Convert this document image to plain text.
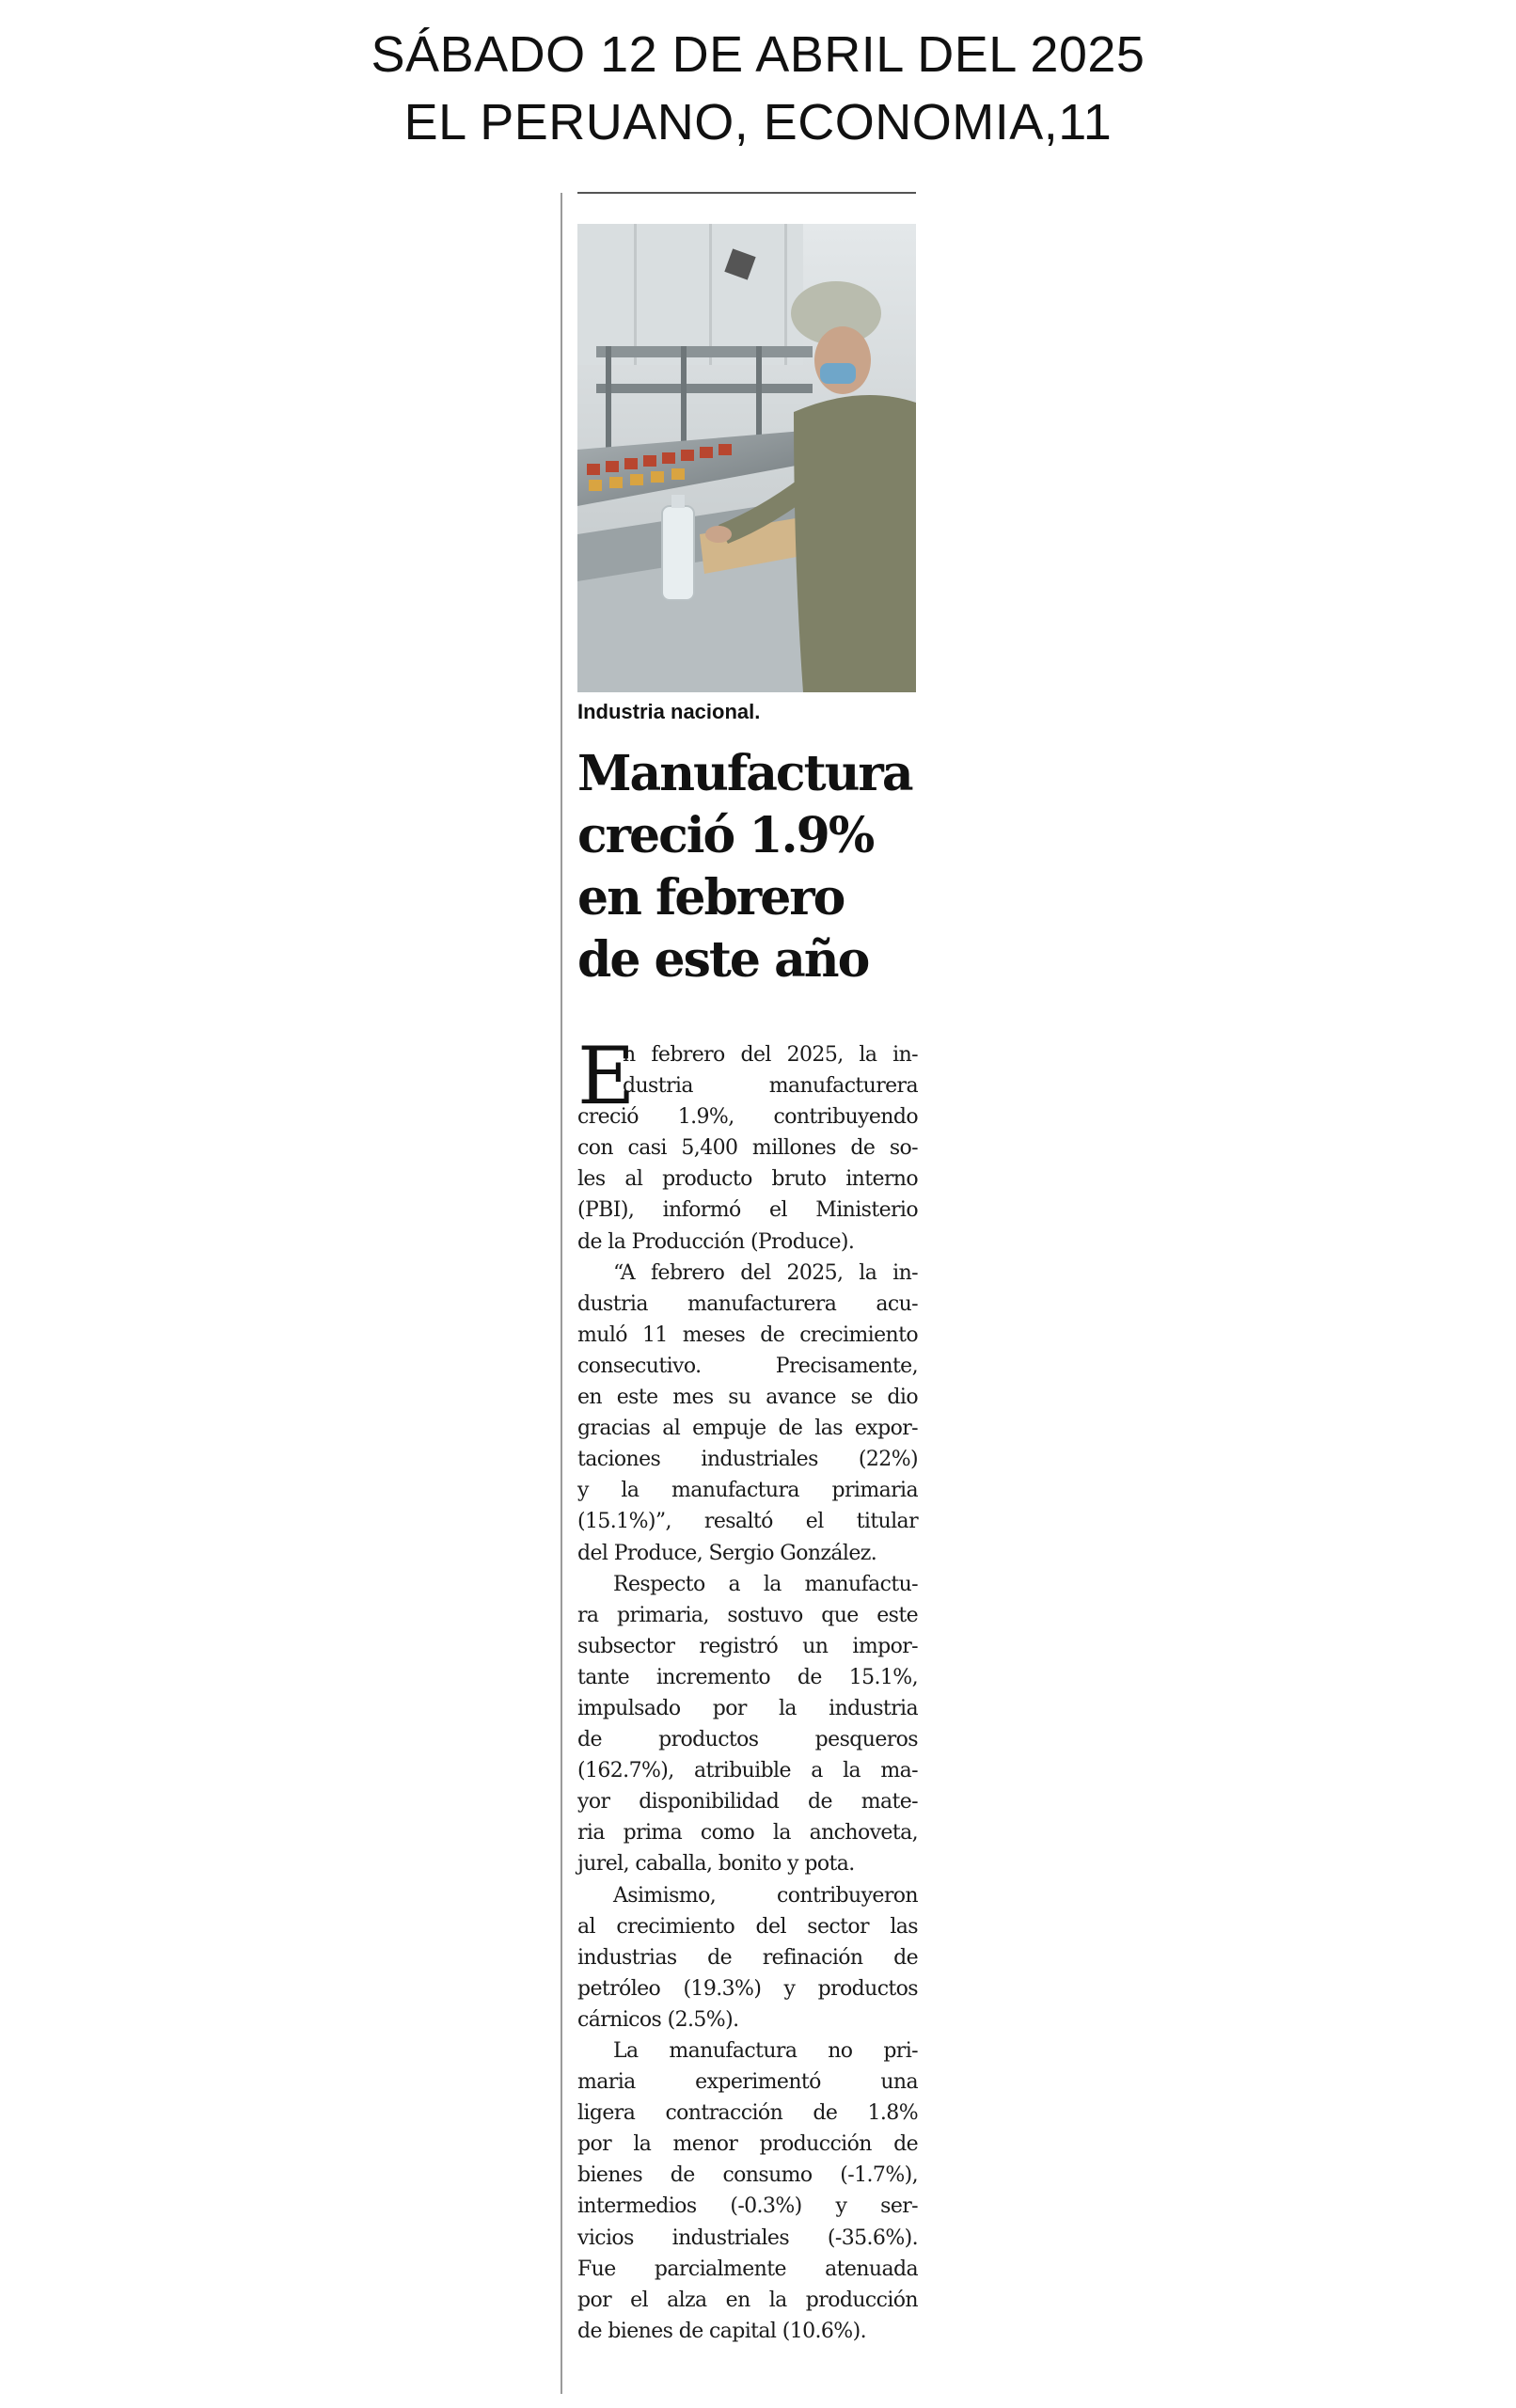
SÁBADO 12 DE ABRIL DEL 2025
EL PERUANO, ECONOMIA,11
Industria nacional.
Manufactura
creció 1.9%
en febrero
de este año
E
n febrero del 2025, la in-
dustria manufacturera
creció 1.9%, contribuyendo
con casi 5,400 millones de so-
les al producto bruto interno
(PBI), informó el Ministerio
de la Producción (Produce).
“A febrero del 2025, la in-
dustria manufacturera acu-
muló 11 meses de crecimiento
consecutivo. Precisamente,
en este mes su avance se dio
gracias al empuje de las expor-
taciones industriales (22%)
y la manufactura primaria
(15.1%)”, resaltó el titular
del Produce, Sergio González.
Respecto a la manufactu-
ra primaria, sostuvo que este
subsector registró un impor-
tante incremento de 15.1%,
impulsado por la industria
de productos pesqueros
(162.7%), atribuible a la ma-
yor disponibilidad de mate-
ria prima como la anchoveta,
jurel, caballa, bonito y pota.
Asimismo, contribuyeron
al crecimiento del sector las
industrias de refinación de
petróleo (19.3%) y productos
cárnicos (2.5%).
La manufactura no pri-
maria experimentó una
ligera contracción de 1.8%
por la menor producción de
bienes de consumo (-1.7%),
intermedios (-0.3%) y ser-
vicios industriales (-35.6%).
Fue parcialmente atenuada
por el alza en la producción
de bienes de capital (10.6%).
